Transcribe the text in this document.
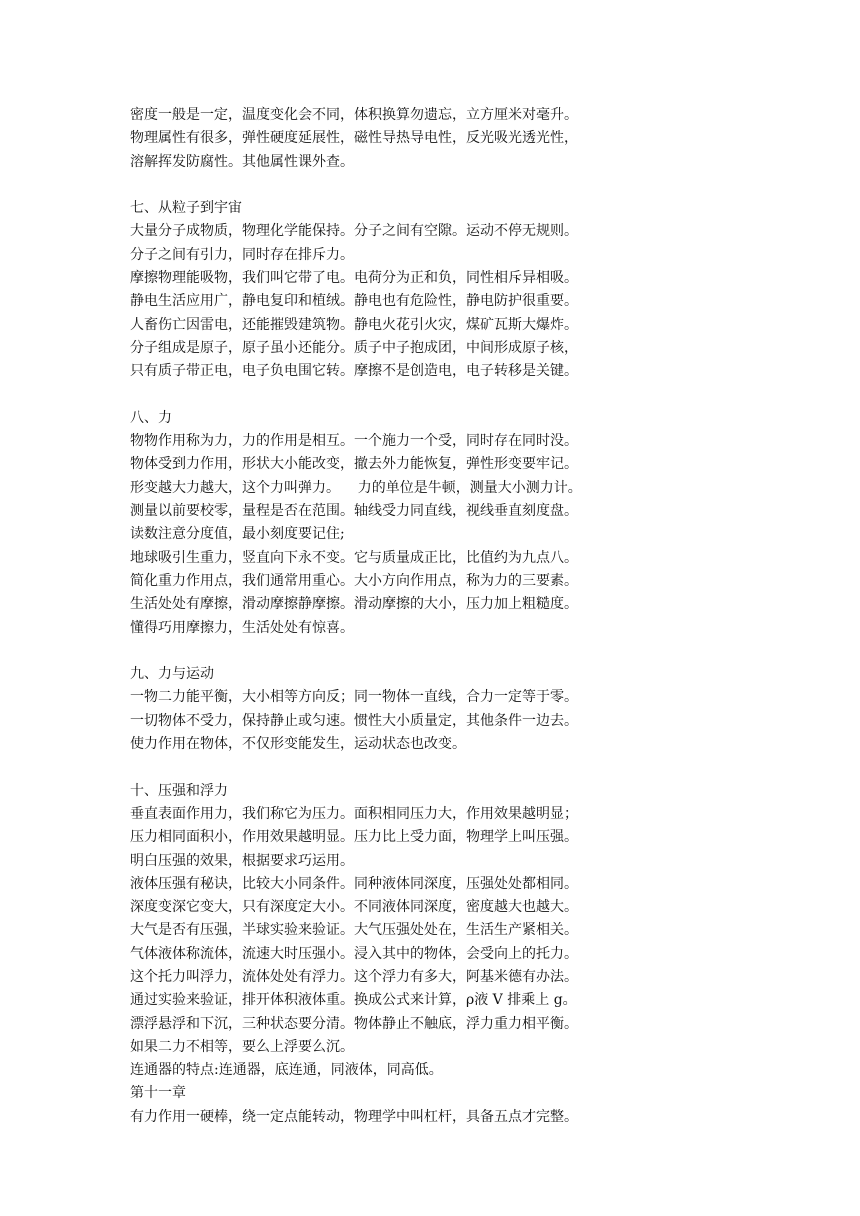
密度一般是一定，温度变化会不同，体积换算勿遗忘，立方厘米对毫升。
物理属性有很多，弹性硬度延展性，磁性导热导电性，反光吸光透光性，
溶解挥发防腐性。其他属性课外查。
七、从粒子到宇宙
大量分子成物质，物理化学能保持。分子之间有空隙。运动不停无规则。
分子之间有引力，同时存在排斥力。
摩擦物理能吸物，我们叫它带了电。电荷分为正和负，同性相斥异相吸。
静电生活应用广，静电复印和植绒。静电也有危险性，静电防护很重要。
人畜伤亡因雷电，还能摧毁建筑物。静电火花引火灾，煤矿瓦斯大爆炸。
分子组成是原子，原子虽小还能分。质子中子抱成团，中间形成原子核，
只有质子带正电，电子负电围它转。摩擦不是创造电，电子转移是关键。
八、力
物物作用称为力，力的作用是相互。一个施力一个受，同时存在同时没。
物体受到力作用，形状大小能改变，撤去外力能恢复，弹性形变要牢记。
形变越大力越大，这个力叫弹力。    力的单位是牛顿，测量大小测力计。
测量以前要校零，量程是否在范围。轴线受力同直线，视线垂直刻度盘。
读数注意分度值，最小刻度要记住;
地球吸引生重力，竖直向下永不变。它与质量成正比，比值约为九点八。
简化重力作用点，我们通常用重心。大小方向作用点，称为力的三要素。
生活处处有摩擦，滑动摩擦静摩擦。滑动摩擦的大小，压力加上粗糙度。
懂得巧用摩擦力，生活处处有惊喜。
九、力与运动
一物二力能平衡，大小相等方向反；同一物体一直线，合力一定等于零。
一切物体不受力，保持静止或匀速。惯性大小质量定，其他条件一边去。
使力作用在物体，不仅形变能发生，运动状态也改变。
十、压强和浮力
垂直表面作用力，我们称它为压力。面积相同压力大，作用效果越明显；
压力相同面积小，作用效果越明显。压力比上受力面，物理学上叫压强。
明白压强的效果，根据要求巧运用。
液体压强有秘诀，比较大小同条件。同种液体同深度，压强处处都相同。
深度变深它变大，只有深度定大小。不同液体同深度，密度越大也越大。
大气是否有压强，半球实验来验证。大气压强处处在，生活生产紧相关。
气体液体称流体，流速大时压强小。浸入其中的物体，会受向上的托力。
这个托力叫浮力，流体处处有浮力。这个浮力有多大，阿基米德有办法。
通过实验来验证，排开体积液体重。换成公式来计算，ρ液 V 排乘上 g。
漂浮悬浮和下沉，三种状态要分清。物体静止不触底，浮力重力相平衡。
如果二力不相等，要么上浮要么沉。
连通器的特点:连通器，底连通，同液体，同高低。
第十一章
有力作用一硬棒，绕一定点能转动，物理学中叫杠杆，具备五点才完整。
